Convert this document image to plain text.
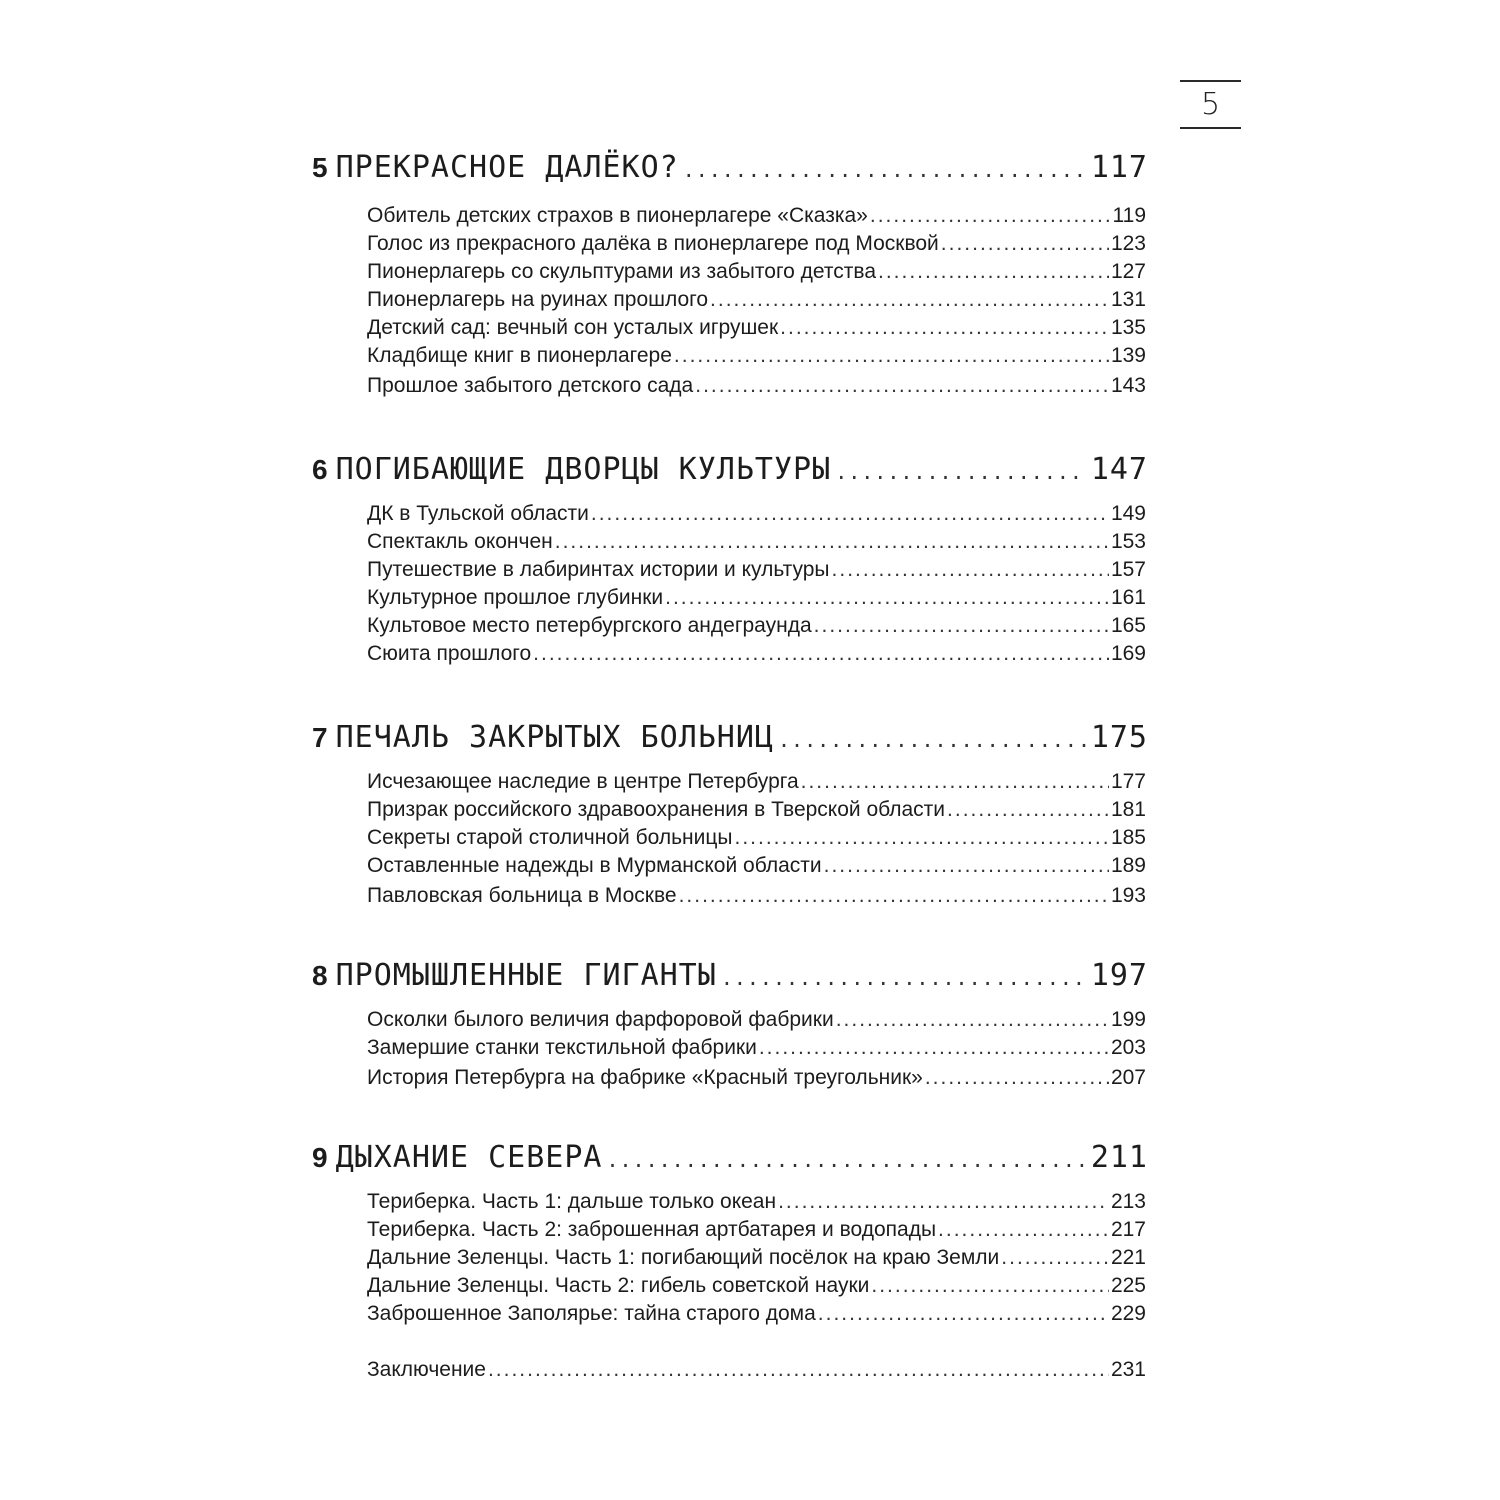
5
5 ПРЕКРАСНОЕ ДАЛЁКО? .....	117
Обитель детских страхов в пионерлагере «Сказка» .....	119
Голос из прекрасного далёка в пионерлагере под Москвой .....	123
Пионерлагерь со скульптурами из забытого детства .....	127
Пионерлагерь на руинах прошлого .....	131
Детский сад: вечный сон усталых игрушек .....	135
Кладбище книг в пионерлагере .....	139
Прошлое забытого детского сада .....	143
6 ПОГИБАЮЩИЕ ДВОРЦЫ КУЛЬТУРЫ .....	147
ДК в Тульской области .....	149
Спектакль окончен .....	153
Путешествие в лабиринтах истории и культуры .....	157
Культурное прошлое глубинки .....	161
Культовое место петербургского андеграунда .....	165
Сюита прошлого .....	169
7 ПЕЧАЛЬ ЗАКРЫТЫХ БОЛЬНИЦ .....	175
Исчезающее наследие в центре Петербурга .....	177
Призрак российского здравоохранения в Тверской области .....	181
Секреты старой столичной больницы .....	185
Оставленные надежды в Мурманской области .....	189
Павловская больница в Москве .....	193
8 ПРОМЫШЛЕННЫЕ ГИГАНТЫ .....	197
Осколки былого величия фарфоровой фабрики .....	199
Замершие станки текстильной фабрики .....	203
История Петербурга на фабрике «Красный треугольник» .....	207
9 ДЫХАНИЕ СЕВЕРА .....	211
Териберка. Часть 1: дальше только океан .....	213
Териберка. Часть 2: заброшенная артбатарея и водопады .....	217
Дальние Зеленцы. Часть 1: погибающий посёлок на краю Земли .....	221
Дальние Зеленцы. Часть 2: гибель советской науки .....	225
Заброшенное Заполярье: тайна старого дома .....	229
Заключение .....	231
